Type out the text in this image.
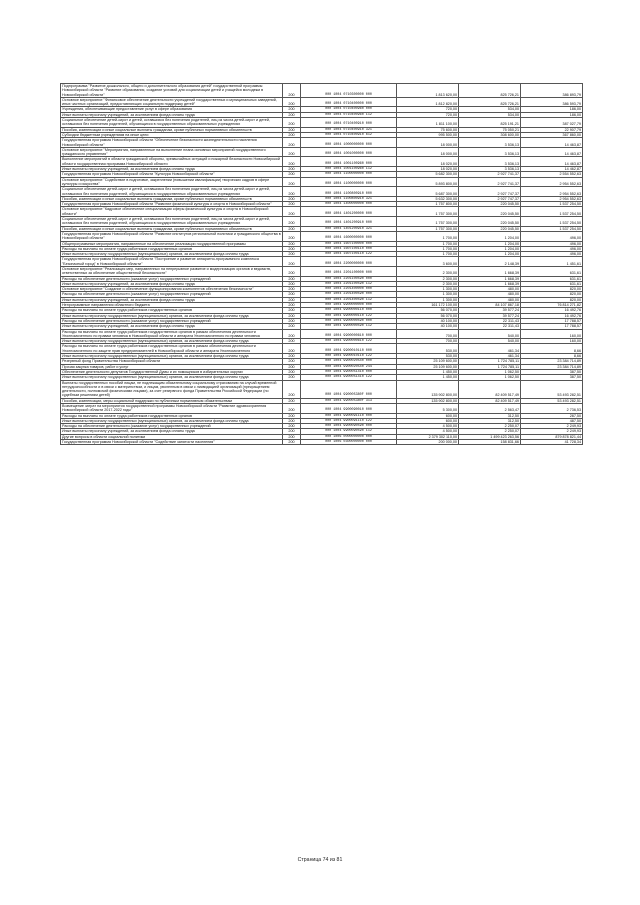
Подпрограмма "Развитие дошкольного, общего и дополнительного образования детей" государственной программы Новосибирской области "Развитие образования, создание условий для социализации детей и учащейся молодежи в Новосибирской области"	200	000 1004 0710300000 000	1 813 620,00	825 726,21	386 893,79
Основное мероприятие "Финансовое обеспечение деятельности учреждений государственных и муниципальных заведений, иных частных организаций, предоставляющих социальную поддержку детей"	200	000 1004 0710400000 000	1 812 820,00	825 726,21	386 593,79
Учреждения, обеспечивающие предоставление услуг в сфере образования	200	000 1004 0710400960 000	720,00	534,00	186,00
Иные выплаты персоналу учреждений, за исключением фонда оплаты труда	200	000 1004 0710400960 112	720,00	534,00	186,00
Социальное обеспечение детей-сирот и детей, оставшихся без попечения родителей, лиц из числа детей-сирот и детей, оставшихся без попечения родителей, обучающихся в государственных образовательных учреждениях	200	000 1004 0710400910 000	1 811 100,00	825 191,21	387 027,79
Пособия, компенсации и иные социальные выплаты гражданам, кроме публичных нормативных обязательств	200	000 1004 0710400910 321	75 600,00	75 050,21	22 907,79
Субсидии бюджетным учреждениям на иные цели	200	000 1004 0710400910 612	995 500,00	308 600,00	367 860,00
Государственная программа Новосибирской области "Обеспечение безопасности жизнедеятельности населения Новосибирской области"	200	000 1004 1000000000 000	18 000,00	3 536,13	14 463,87
Основное мероприятие "Мероприятия, направленные на выполнение плана основных мероприятий государственного гражданского управления"	200	000 1004 1001000000 000	18 000,00	3 536,13	14 463,87
Выполнение мероприятий в области гражданской обороны, чрезвычайных ситуаций и пожарной безопасности Новосибирской области государственная программа Новосибирской области	200	000 1004 1001100960 000	18 020,00	3 536,13	14 463,87
Иные выплаты персоналу учреждений, за исключением фонда оплаты труда	200	000 1004 1001100960 112	18 020,00	3 536,13	14 462,87
Государственная программа Новосибирской области "Культура Новосибирской области"	200	000 1004 1100000000 000	5 682 300,00	2 927 741,37	2 554 552,63
Основное мероприятие "Содействие в подготовке, закреплении (повышении квалификации) творческих кадров в сфере культуры и искусства"	200	000 1004 1100000000 000	5 893 800,00	2 927 741,37	2 954 552,63
Социальное обеспечение детей-сирот и детей, оставшихся без попечения родителей, лиц из числа детей-сирот и детей, оставшихся без попечения родителей, обучающихся в государственных образовательных учреждениях	200	000 1004 1100800910 000	5 687 300,00	2 927 747,37	2 954 552,63
Пособия, компенсации и иные социальные выплаты гражданам, кроме публичных нормативных обязательств	200	000 1004 1100800910 321	5 632 300,00	2 927 747,37	2 954 552,63
Государственная программа Новосибирской области "Развитие физической культуры и спорта в Новосибирской области"	200	000 1004 1400000000 000	1 757 800,00	220 045,50	1 537 254,50
Основное мероприятие "Кадровое обеспечение специализации сферы физической культуры и спорта в Новосибирской области"	200	000 1004 1401200000 000	1 757 300,00	220 045,50	1 537 254,50
Социальное обеспечение детей-сирот и детей, оставшихся без попечения родителей, лиц из числа детей-сирот и детей, оставшихся без попечения родителей, обучающихся в государственных образовательных учреждениях	200	000 1004 1401200910 000	1 757 300,00	220 045,50	1 537 254,50
Пособия, компенсации и иные социальные выплаты гражданам, кроме публичных нормативных обязательств	200	000 1004 1401200910 321	1 757 300,00	220 045,50	1 537 254,50
Государственная программа Новосибирской области "Развитие институтов региональной политики и гражданского общества в Новосибирской области"	200	000 1004 1600000000 000	1 700,00	1 204,00	496,00
Общепрограммные мероприятия, направленные на обеспечение реализации государственной программы	200	000 1004 1607100000 000	1 700,00	1 204,00	496,00
Расходы на выплаты по оплате труда работников государственных органов	200	000 1004 1607100110 000	1 700,00	1 204,00	496,00
Иные выплаты персоналу государственных (муниципальных) органов, за исключением фонда оплаты труда	200	000 1004 1607100110 122	1 700,00	1 204,00	496,00
Государственная программа Новосибирской области "Построение и развитие аппаратно-программного комплекса "Безопасный город" в Новосибирской области"	200	000 1004 2200000000 000	3 600,00	2 148,39	1 451,61
Основное мероприятие "Реализация мер, направленных на непрерывное развитие и модернизацию органов и ведомств, ответственных за обеспечение общественной безопасности"	200	000 1004 2201100000 000	2 300,00	1 668,39	631,61
Расходы на обеспечение деятельности (оказание услуг) государственных учреждений	200	000 1004 2201100590 000	2 300,00	1 668,39	631,61
Иные выплаты персоналу учреждений, за исключением фонда оплаты труда	200	000 1004 2201100590 112	2 300,00	1 668,39	631,61
Основное мероприятие "Создание и обеспечение функционирования компонентов обеспечения безопасности"	200	000 1004 2201400000 000	1 300,00	480,00	820,00
Расходы на обеспечение деятельности (оказание услуг) государственных учреждений	200	000 1004 2201400590 000	1 300,00	480,00	820,00
Иные выплаты персоналу учреждений, за исключением фонда оплаты труда	200	000 1004 2201400590 112	1 300,00	480,00	820,00
Непрограммные направления областного бюджета	200	000 1004 9900000000 000	161 172 100,00	84 107 867,18	76 814 271,82
Расходы на выплаты по оплате труда работников государственных органов	200	000 1004 9900000110 000	56 070,00	39 577,24	16 492,76
Иные выплаты персоналу государственных (муниципальных) органов, за исключением фонда оплаты труда	200	000 1004 9900000110 122	56 070,00	39 577,24	16 492,76
Расходы на обеспечение деятельности (оказание услуг) государственных учреждений	200	000 1004 9900000590 000	40 100,00	22 311,43	17 788,57
Иные выплаты персоналу учреждений, за исключением фонда оплаты труда	200	000 1004 9900000590 112	40 100,00	22 311,43	17 788,57
Расходы на выплаты по оплате труда работников государственных органов в рамках обеспечения деятельности Уполномоченного по правам человека в Новосибирской области и аппарата Уполномоченного по правам человека	200	000 1004 9900000610 000	700,00	540,00	160,00
Иные выплаты персоналу государственных (муниципальных) органов, за исключением фонда оплаты труда	200	000 1004 9900000610 122	700,00	540,00	160,00
Расходы на выплаты по оплате труда работников государственных органов в рамках обеспечения деятельности Уполномоченного по защите прав предпринимателей в Новосибирской области и аппарата Уполномоченного	200	000 1004 9900010110 000	530,00	461,34	8,66
Иные выплаты персоналу государственных (муниципальных) органов, за исключением фонда оплаты труда	200	000 1004 9900010110 122	530,00	461,34	8,66
Резервный фонд Правительства Новосибирской области	200	000 1004 9900020540 000	25 109 600,00	1 724 785,11	23 384 714,89
Прочая закупка товаров, работ и услуг	200	000 1004 9900020540 244	25 109 600,00	1 724 785,11	23 384 714,89
Обеспечение деятельности депутатов Государственной Думы и их помощников в избирательных округах	200	000 1004 9900051410 000	1 450,00	1 062,50	387,50
Иные выплаты персоналу государственных (муниципальных) органов, за исключением фонда оплаты труда	200	000 1004 9900051410 122	1 450,00	1 062,50	387,50
Выплаты государственных пособий лицам, не подлежащим обязательному социальному страхованию на случай временной нетрудоспособности и в связи с материнством, и лицам, уволенным в связи с ликвидацией организаций (прекращением деятельности, полномочий физическими лицами), за счет резервного фонда Правительства Российской Федерации (по судебным решениям детей)	200	000 1004 990005380F 000	135 902 800,00	82 409 517,49	53 493 282,51
Пособия, компенсации, меры социальной поддержки по публичным нормативным обязательствам	200	000 1004 990005380F 313	135 902 800,00	82 409 517,49	53 493 282,51
Возмещение затрат на мероприятия государственной программы Новосибирской области "Развитие здравоохранения Новосибирской области 2017-2022 годы"	200	000 1004 9900090010 000	5 300,00	2 563,47	2 736,53
Расходы на выплаты по оплате труда работников государственных органов	200	000 1004 9900091110 000	600,00	312,50	287,50
Иные выплаты персоналу государственных (муниципальных) органов, за исключением фонда оплаты труда	200	000 1004 9900091110 122	600,00	312,50	487,50
Расходы на обеспечение деятельности (оказание услуг) государственных учреждений	200	000 1004 9900090590 000	4 500,00	2 250,07	2 249,93
Иные выплаты персоналу учреждений, за исключением фонда оплаты труда	200	000 1004 9900090590 112	4 500,00	2 250,07	2 249,93
Другие вопросы в области социальной политики	200	000 1006 0000000000 000	2 379 302 110,00	1 499 423 263,56	879 878 821,44
Государственная программа Новосибирской области "Содействие занятости населения"	200	000 1006 0300000000 000	200 000,00	158 831,66	41 728,34
Страница 74 из 81
